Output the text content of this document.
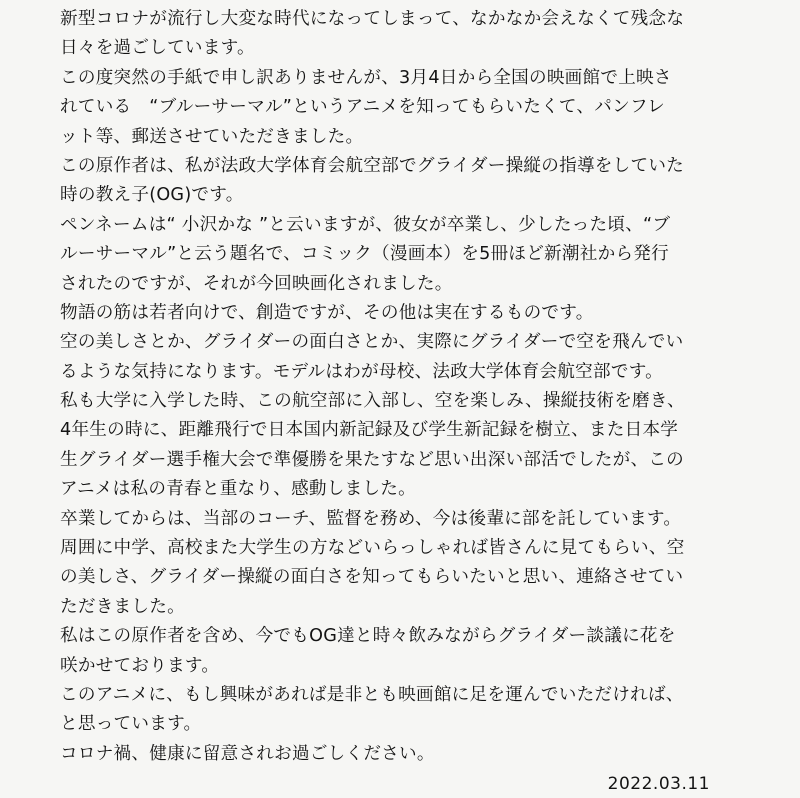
新型コロナが流行し大変な時代になってしまって、なかなか会えなくて残念な

日々を過ごしています。

この度突然の手紙で申し訳ありませんが、3月4日から全国の映画館で上映さ

れている　“ブルーサーマル”というアニメを知ってもらいたくて、パンフレ

ット等、郵送させていただきました。

この原作者は、私が法政大学体育会航空部でグライダー操縦の指導をしていた

時の教え子(OG)です。

ペンネームは“ 小沢かな ”と云いますが、彼女が卒業し、少したった頃、“ブ

ルーサーマル”と云う題名で、コミック（漫画本）を5冊ほど新潮社から発行

されたのですが、それが今回映画化されました。

物語の筋は若者向けで、創造ですが、その他は実在するものです。

空の美しさとか、グライダーの面白さとか、実際にグライダーで空を飛んでい

るような気持になります。モデルはわが母校、法政大学体育会航空部です。

私も大学に入学した時、この航空部に入部し、空を楽しみ、操縦技術を磨き、

4年生の時に、距離飛行で日本国内新記録及び学生新記録を樹立、また日本学

生グライダー選手権大会で準優勝を果たすなど思い出深い部活でしたが、この

アニメは私の青春と重なり、感動しました。

卒業してからは、当部のコーチ、監督を務め、今は後輩に部を託しています。

周囲に中学、高校また大学生の方などいらっしゃれば皆さんに見てもらい、空

の美しさ、グライダー操縦の面白さを知ってもらいたいと思い、連絡させてい

ただきました。

私はこの原作者を含め、今でもOG達と時々飲みながらグライダー談議に花を

咲かせております。

このアニメに、もし興味があれば是非とも映画館に足を運んでいただければ、

と思っています。

コロナ禍、健康に留意されお過ごしください。

2022.03.11
